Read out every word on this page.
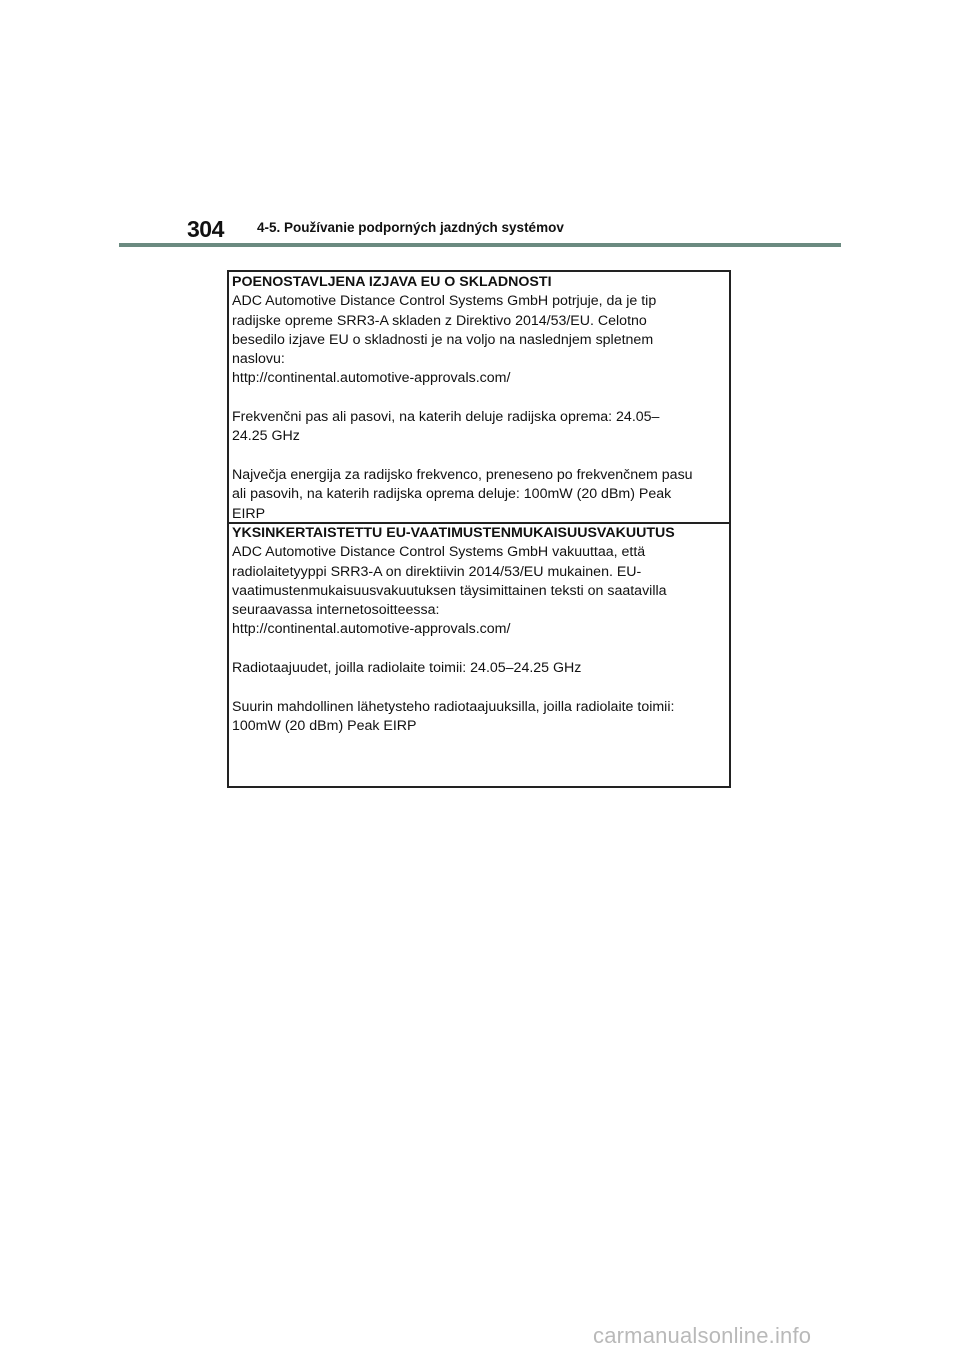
304 4-5. Používanie podporných jazdných systémov
POENOSTAVLJENA IZJAVA EU O SKLADNOSTI
ADC Automotive Distance Control Systems GmbH potrjuje, da je tip
radijske opreme SRR3-A skladen z Direktivo 2014/53/EU. Celotno
besedilo izjave EU o skladnosti je na voljo na naslednjem spletnem
naslovu:
http://continental.automotive-approvals.com/
Frekvenčni pas ali pasovi, na katerih deluje radijska oprema: 24.05–
24.25 GHz
Največja energija za radijsko frekvenco, preneseno po frekvenčnem pasu
ali pasovih, na katerih radijska oprema deluje: 100mW (20 dBm) Peak
EIRP
YKSINKERTAISTETTU EU-VAATIMUSTENMUKAISUUSVAKUUTUS
ADC Automotive Distance Control Systems GmbH vakuuttaa, että
radiolaitetyyppi SRR3-A on direktiivin 2014/53/EU mukainen. EU-
vaatimustenmukaisuusvakuutuksen täysimittainen teksti on saatavilla
seuraavassa internetosoitteessa:
http://continental.automotive-approvals.com/
Radiotaajuudet, joilla radiolaite toimii: 24.05–24.25 GHz
Suurin mahdollinen lähetysteho radiotaajuuksilla, joilla radiolaite toimii:
100mW (20 dBm) Peak EIRP
carmanualsonline.info
